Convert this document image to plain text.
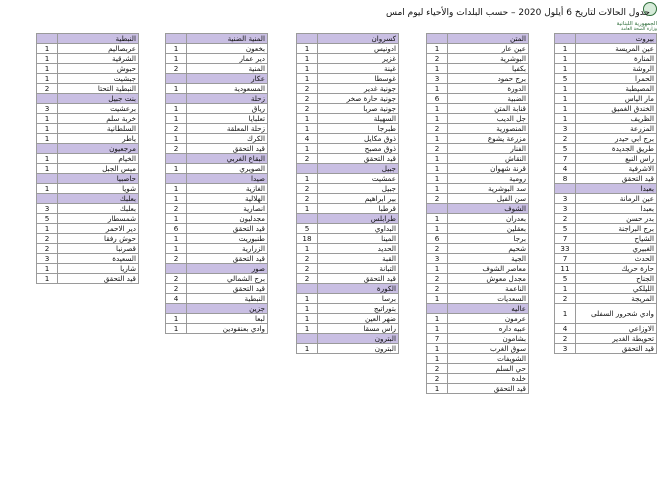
الجمهورية اللبنانية
وزارة الصحة العامة
جدول الحالات لتاريخ 6 أيلول 2020 – حسب البلدات والأحياء ليوم امس
بيروت	
عين المريسة	1
المنارة	1
الروشة	1
الحمرا	5
المصيطبة	1
مار الياس	1
الخندق الغميق	1
الظريف	1
المزرعة	3
برج ابي حيدر	2
طريق الجديدة	5
راس النبع	7
الاشرفية	4
قيد التحقق	8
بعبدا	
عين الرمانة	3
بعبدا	3
بدر حسن	2
برج البراجنة	5
الشياح	7
الغبيري	33
الحدث	7
حارة حريك	11
الجناح	5
الليلكي	1
المريجة	2
وادي شحرور السفلى	1
الاوزاعي	4
تحويطة الغدير	2
قيد التحقق	3
المتن	
عين عار	1
البوشرية	2
بكفيا	1
برج حمود	3
الدورة	1
الضبية	6
قنابة المتن	1
جل الديب	1
المنصورية	2
مزرعة يشوع	1
الفنار	2
النقاش	1
قرنة شهوان	1
رومية	1
سد البوشرية	1
سن الفيل	2
الشوف	
بعدران	1
بعقلين	1
برجا	6
شحيم	2
الجية	3
معاصر الشوف	1
مجدل معوش	2
الناعمة	2
السعديات	1
عاليه	
عرمون	1
عبيه داره	1
بشامون	7
سوق الغرب	1
الشويفات	1
حي السلم	2
خلدة	2
قيد التحقق	1
كسروان	
ادونيس	1
غزير	1
غينة	1
غوسطا	1
جونية غدير	2
جونية حارة صخر	2
جونية صربا	2
السهيلة	1
طبرجا	1
ذوق مكايل	4
ذوق مصبح	1
قيد التحقق	2
جبيل	
عمشيت	1
جبيل	2
بير ابراهيم	2
قرطبا	1
طرابلس	
البداوي	5
المينا	18
الحديد	1
القبة	2
التبانة	2
قيد التحقق	2
الكورة	
برسا	1
بتوراتيج	1
ضهر العين	1
راس مسقا	1
البترون	
البترون	1
المنية الضنية	
بخعون	1
دير عمار	1
المنية	2
عكار	
المسعودية	1
زحلة	
رياق	1
تعلبايا	1
زحلة المعلقة	2
الكرك	1
قيد التحقق	2
البقاع الغربي	
الصويري	1
صيدا	
الغازية	1
الهلالية	1
انصارية	2
مجدليون	1
قيد التحقق	6
طنبوريت	1
الزرارية	1
قيد التحقق	2
صور	
برج الشمالي	2
قيد التحقق	2
النبطية	4
جزين	
لبعا	1
وادي بعنقودين	1
النبطية	
عربصاليم	1
الشرقية	1
حبوش	1
جبشيت	1
النبطية التحتا	2
بنت جبيل	
برعشيت	3
خربة سلم	1
السلطانية	1
ياطر	1
مرجعيون	
الخيام	1
ميس الجبل	1
حاصبيا	
شويا	1
بعلبك	
بعلبك	3
شمسطار	5
دير الاحمر	1
حوش رفقا	2
قصرنبا	2
السعيدة	3
شاريا	1
قيد التحقق	1
